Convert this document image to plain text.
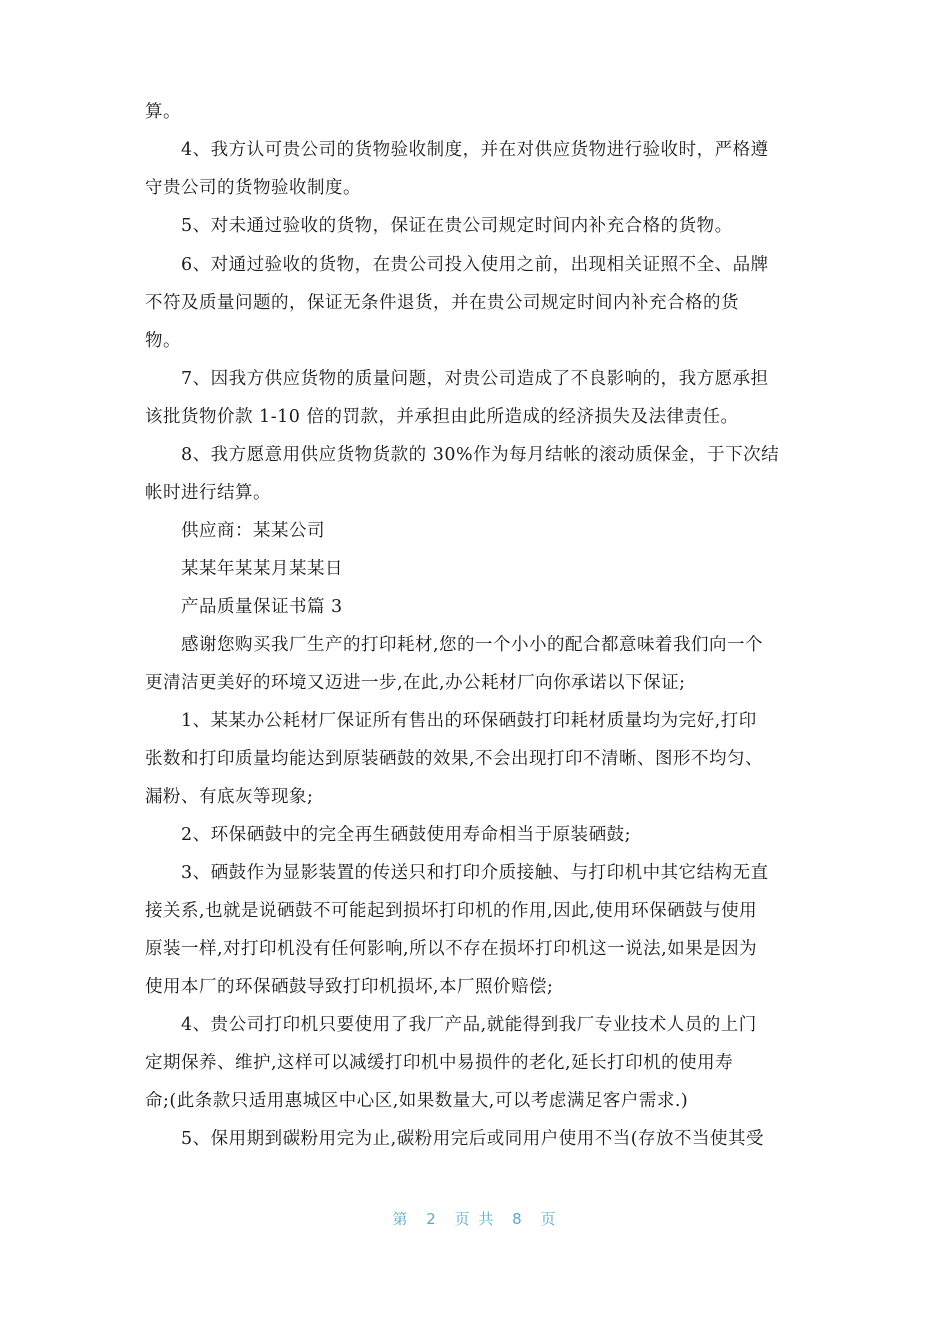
算。
4、我方认可贵公司的货物验收制度，并在对供应货物进行验收时，严格遵
守贵公司的货物验收制度。
5、对未通过验收的货物，保证在贵公司规定时间内补充合格的货物。
6、对通过验收的货物，在贵公司投入使用之前，出现相关证照不全、品牌
不符及质量问题的，保证无条件退货，并在贵公司规定时间内补充合格的货
物。
7、因我方供应货物的质量问题，对贵公司造成了不良影响的，我方愿承担
该批货物价款 1-10 倍的罚款，并承担由此所造成的经济损失及法律责任。
8、我方愿意用供应货物货款的 30%作为每月结帐的滚动质保金，于下次结
帐时进行结算。
供应商：某某公司
某某年某某月某某日
产品质量保证书篇 3
感谢您购买我厂生产的打印耗材,您的一个小小的配合都意味着我们向一个
更清洁更美好的环境又迈进一步,在此,办公耗材厂向你承诺以下保证;
1、某某办公耗材厂保证所有售出的环保硒鼓打印耗材质量均为完好,打印
张数和打印质量均能达到原装硒鼓的效果,不会出现打印不清晰、图形不均匀、
漏粉、有底灰等现象;
2、环保硒鼓中的完全再生硒鼓使用寿命相当于原装硒鼓;
3、硒鼓作为显影装置的传送只和打印介质接触、与打印机中其它结构无直
接关系,也就是说硒鼓不可能起到损坏打印机的作用,因此,使用环保硒鼓与使用
原装一样,对打印机没有任何影响,所以不存在损坏打印机这一说法,如果是因为
使用本厂的环保硒鼓导致打印机损坏,本厂照价赔偿;
4、贵公司打印机只要使用了我厂产品,就能得到我厂专业技术人员的上门
定期保养、维护,这样可以减缓打印机中易损件的老化,延长打印机的使用寿
命;(此条款只适用惠城区中心区,如果数量大,可以考虑满足客户需求.)
5、保用期到碳粉用完为止,碳粉用完后或同用户使用不当(存放不当使其受
第 2 页 共 8 页
